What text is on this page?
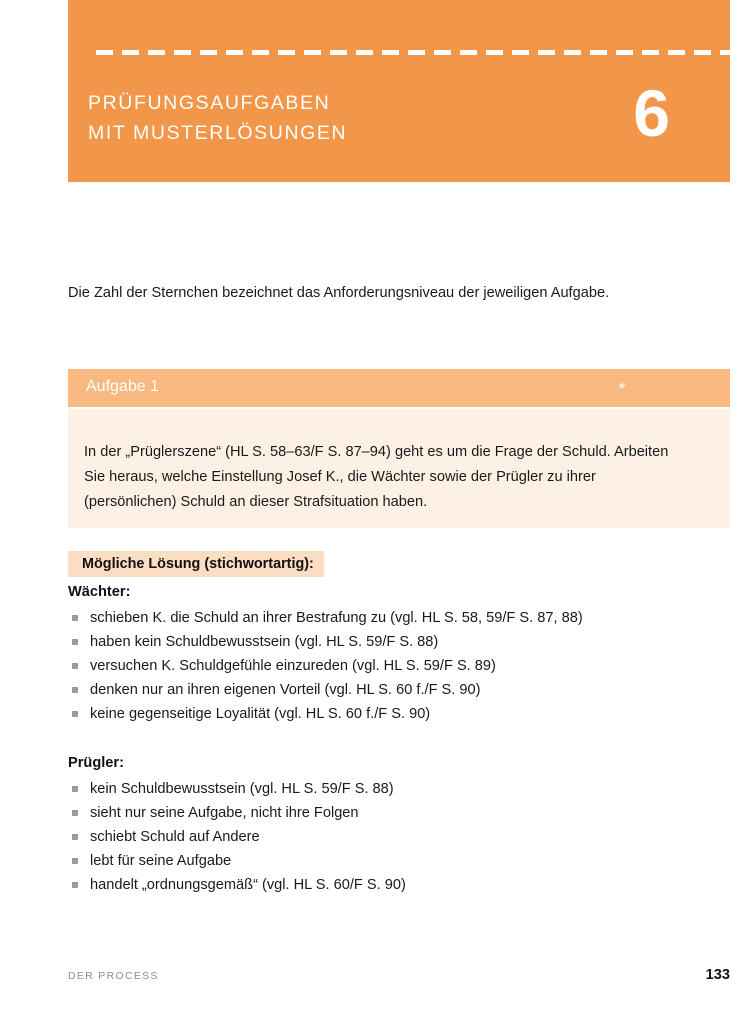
PRÜFUNGSAUFGABEN
MIT MUSTERLÖSUNGEN	6

Die Zahl der Sternchen bezeichnet das Anforderungsniveau der jeweiligen Aufgabe.

Aufgabe 1	*

In der „Prüglerszene“ (HL S. 58–63/F S. 87–94) geht es um die Frage der Schuld. Arbeiten Sie heraus, welche Einstellung Josef K., die Wächter sowie der Prügler zu ihrer (persönlichen) Schuld an dieser Strafsituation haben.

Mögliche Lösung (stichwortartig):
Wächter:
schieben K. die Schuld an ihrer Bestrafung zu (vgl. HL S. 58, 59/F S. 87, 88)
haben kein Schuldbewusstsein (vgl. HL S. 59/F S. 88)
versuchen K. Schuldgefühle einzureden (vgl. HL S. 59/F S. 89)
denken nur an ihren eigenen Vorteil (vgl. HL S. 60 f./F S. 90)
keine gegenseitige Loyalität (vgl. HL S. 60 f./F S. 90)
Prügler:
kein Schuldbewusstsein (vgl. HL S. 59/F S. 88)
sieht nur seine Aufgabe, nicht ihre Folgen
schiebt Schuld auf Andere
lebt für seine Aufgabe
handelt „ordnungsgemäß“ (vgl. HL S. 60/F S. 90)
DER PROCESS	133
